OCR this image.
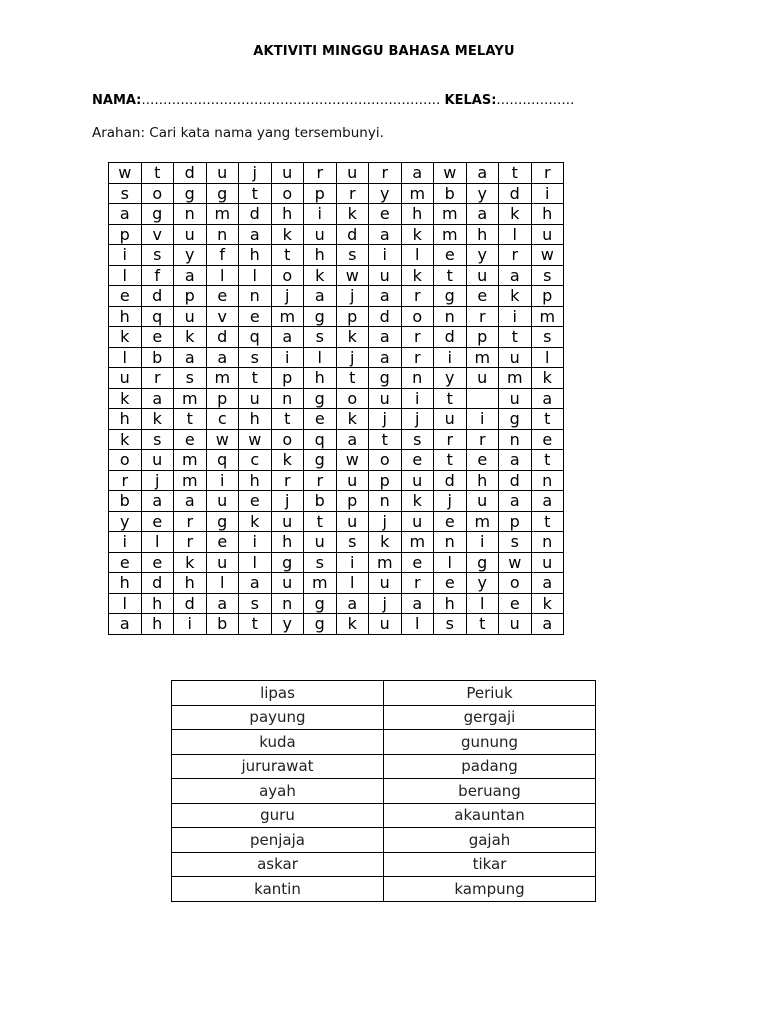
AKTIVITI MINGGU BAHASA MELAYU
NAMA:…………………………………………………………… KELAS:………………
Arahan: Cari kata nama yang tersembunyi.
w	t	d	u	j	u	r	u	r	a	w	a	t	r
s	o	g	g	t	o	p	r	y	m	b	y	d	i
a	g	n	m	d	h	i	k	e	h	m	a	k	h
p	v	u	n	a	k	u	d	a	k	m	h	l	u
i	s	y	f	h	t	h	s	i	l	e	y	r	w
l	f	a	l	l	o	k	w	u	k	t	u	a	s
e	d	p	e	n	j	a	j	a	r	g	e	k	p
h	q	u	v	e	m	g	p	d	o	n	r	i	m
k	e	k	d	q	a	s	k	a	r	d	p	t	s
l	b	a	a	s	i	l	j	a	r	i	m	u	l
u	r	s	m	t	p	h	t	g	n	y	u	m	k
k	a	m	p	u	n	g	o	u	i	t		u	a
h	k	t	c	h	t	e	k	j	j	u	i	g	t
k	s	e	w	w	o	q	a	t	s	r	r	n	e
o	u	m	q	c	k	g	w	o	e	t	e	a	t
r	j	m	i	h	r	r	u	p	u	d	h	d	n
b	a	a	u	e	j	b	p	n	k	j	u	a	a
y	e	r	g	k	u	t	u	j	u	e	m	p	t
i	l	r	e	i	h	u	s	k	m	n	i	s	n
e	e	k	u	l	g	s	i	m	e	l	g	w	u
h	d	h	l	a	u	m	l	u	r	e	y	o	a
l	h	d	a	s	n	g	a	j	a	h	l	e	k
a	h	i	b	t	y	g	k	u	l	s	t	u	a
lipas	Periuk
payung	gergaji
kuda	gunung
jururawat	padang
ayah	beruang
guru	akauntan
penjaja	gajah
askar	tikar
kantin	kampung
